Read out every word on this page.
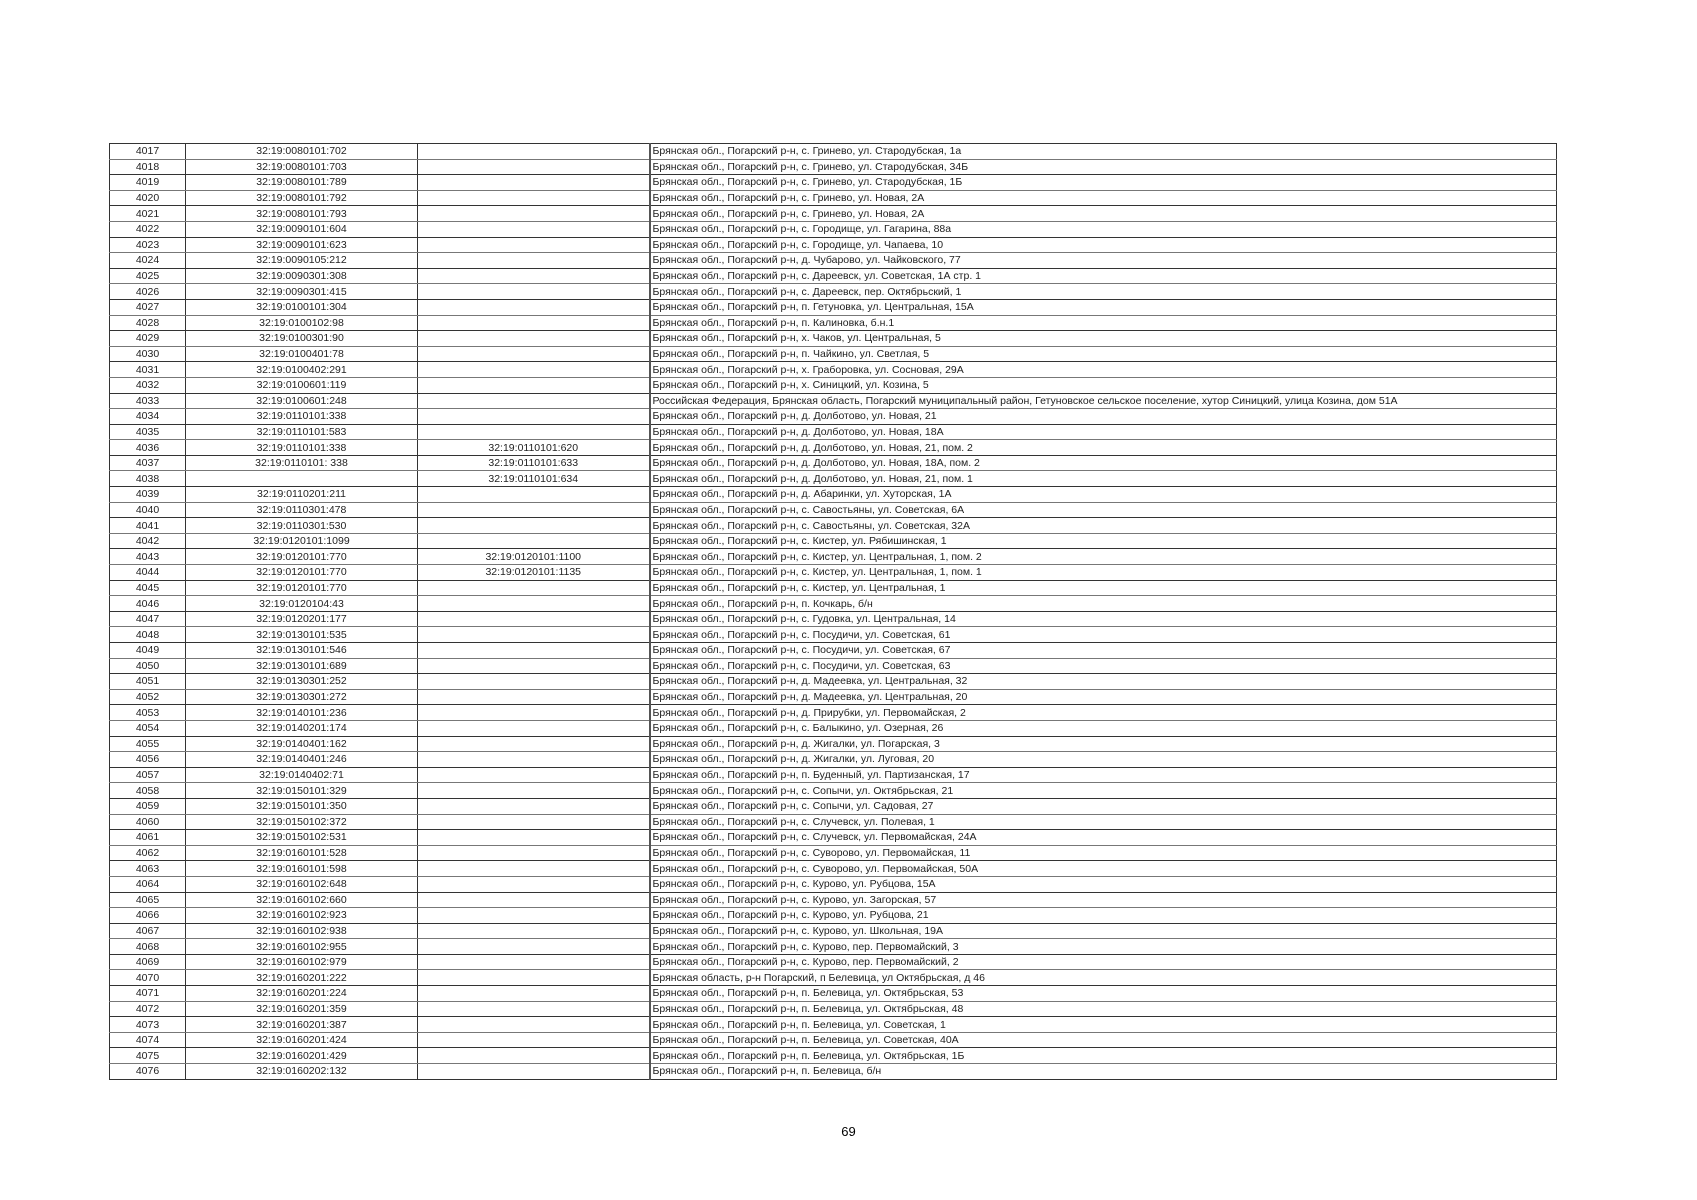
4017	32:19:0080101:702		Брянская обл., Погарский р-н, с. Гринево, ул. Стародубская, 1а
4018	32:19:0080101:703		Брянская обл., Погарский р-н, с. Гринево, ул. Стародубская, 34Б
4019	32:19:0080101:789		Брянская обл., Погарский р-н, с. Гринево, ул. Стародубская, 1Б
4020	32:19:0080101:792		Брянская обл., Погарский р-н, с. Гринево, ул. Новая, 2А
4021	32:19:0080101:793		Брянская обл., Погарский р-н, с. Гринево, ул. Новая, 2А
4022	32:19:0090101:604		Брянская обл., Погарский р-н, с. Городище, ул. Гагарина, 88а
4023	32:19:0090101:623		Брянская обл., Погарский р-н, с. Городище, ул. Чапаева, 10
4024	32:19:0090105:212		Брянская обл., Погарский р-н, д. Чубарово, ул. Чайковского, 77
4025	32:19:0090301:308		Брянская обл., Погарский р-н, с. Дареевск, ул. Советская, 1А стр. 1
4026	32:19:0090301:415		Брянская обл., Погарский р-н, с. Дареевск, пер. Октябрьский, 1
4027	32:19:0100101:304		Брянская обл., Погарский р-н, п. Гетуновка, ул. Центральная, 15А
4028	32:19:0100102:98		Брянская обл., Погарский р-н, п. Калиновка, б.н.1
4029	32:19:0100301:90		Брянская обл., Погарский р-н, х. Чаков, ул. Центральная, 5
4030	32:19:0100401:78		Брянская обл., Погарский р-н, п. Чайкино, ул. Светлая, 5
4031	32:19:0100402:291		Брянская обл., Погарский р-н, х. Граборовка, ул. Сосновая, 29А
4032	32:19:0100601:119		Брянская обл., Погарский р-н, х. Синицкий, ул. Козина, 5
4033	32:19:0100601:248		Российская Федерация, Брянская область, Погарский муниципальный район, Гетуновское сельское поселение, хутор Синицкий, улица Козина, дом 51А
4034	32:19:0110101:338		Брянская обл., Погарский р-н, д. Долботово, ул. Новая, 21
4035	32:19:0110101:583		Брянская обл., Погарский р-н, д. Долботово, ул. Новая, 18А
4036	32:19:0110101:338	32:19:0110101:620	Брянская обл., Погарский р-н, д. Долботово, ул. Новая, 21, пом. 2
4037	32:19:0110101: 338	32:19:0110101:633	Брянская обл., Погарский р-н, д. Долботово, ул. Новая, 18А, пом. 2
4038		32:19:0110101:634	Брянская обл., Погарский р-н, д. Долботово, ул. Новая, 21, пом. 1
4039	32:19:0110201:211		Брянская обл., Погарский р-н, д. Абаринки, ул. Хуторская, 1А
4040	32:19:0110301:478		Брянская обл., Погарский р-н, с. Савостьяны, ул. Советская, 6А
4041	32:19:0110301:530		Брянская обл., Погарский р-н, с. Савостьяны, ул. Советская, 32А
4042	32:19:0120101:1099		Брянская обл., Погарский р-н, с. Кистер, ул. Рябишинская, 1
4043	32:19:0120101:770	32:19:0120101:1100	Брянская обл., Погарский р-н, с. Кистер, ул. Центральная, 1, пом. 2
4044	32:19:0120101:770	32:19:0120101:1135	Брянская обл., Погарский р-н, с. Кистер, ул. Центральная, 1, пом. 1
4045	32:19:0120101:770		Брянская обл., Погарский р-н, с. Кистер, ул. Центральная, 1
4046	32:19:0120104:43		Брянская обл., Погарский р-н, п. Кочкарь, б/н
4047	32:19:0120201:177		Брянская обл., Погарский р-н, с. Гудовка, ул. Центральная, 14
4048	32:19:0130101:535		Брянская обл., Погарский р-н, с. Посудичи, ул. Советская, 61
4049	32:19:0130101:546		Брянская обл., Погарский р-н, с. Посудичи, ул. Советская, 67
4050	32:19:0130101:689		Брянская обл., Погарский р-н, с. Посудичи, ул. Советская, 63
4051	32:19:0130301:252		Брянская обл., Погарский р-н, д. Мадеевка, ул. Центральная, 32
4052	32:19:0130301:272		Брянская обл., Погарский р-н, д. Мадеевка, ул. Центральная, 20
4053	32:19:0140101:236		Брянская обл., Погарский р-н, д. Прирубки, ул. Первомайская, 2
4054	32:19:0140201:174		Брянская обл., Погарский р-н, с. Балыкино, ул. Озерная, 26
4055	32:19:0140401:162		Брянская обл., Погарский р-н, д. Жигалки, ул. Погарская, 3
4056	32:19:0140401:246		Брянская обл., Погарский р-н, д. Жигалки, ул. Луговая, 20
4057	32:19:0140402:71		Брянская обл., Погарский р-н, п. Буденный, ул. Партизанская, 17
4058	32:19:0150101:329		Брянская обл., Погарский р-н, с. Сопычи, ул. Октябрьская, 21
4059	32:19:0150101:350		Брянская обл., Погарский р-н, с. Сопычи, ул. Садовая, 27
4060	32:19:0150102:372		Брянская обл., Погарский р-н, с. Случевск, ул. Полевая, 1
4061	32:19:0150102:531		Брянская обл., Погарский р-н, с. Случевск, ул. Первомайская, 24А
4062	32:19:0160101:528		Брянская обл., Погарский р-н, с. Суворово, ул. Первомайская, 11
4063	32:19:0160101:598		Брянская обл., Погарский р-н, с. Суворово, ул. Первомайская, 50А
4064	32:19:0160102:648		Брянская обл., Погарский р-н, с. Курово, ул. Рубцова, 15А
4065	32:19:0160102:660		Брянская обл., Погарский р-н, с. Курово, ул. Загорская, 57
4066	32:19:0160102:923		Брянская обл., Погарский р-н, с. Курово, ул. Рубцова, 21
4067	32:19:0160102:938		Брянская обл., Погарский р-н, с. Курово, ул. Школьная, 19А
4068	32:19:0160102:955		Брянская обл., Погарский р-н, с. Курово, пер. Первомайский, 3
4069	32:19:0160102:979		Брянская обл., Погарский р-н, с. Курово, пер. Первомайский, 2
4070	32:19:0160201:222		Брянская область, р-н Погарский, п Белевица, ул Октябрьская, д 46
4071	32:19:0160201:224		Брянская обл., Погарский р-н, п. Белевица, ул. Октябрьская, 53
4072	32:19:0160201:359		Брянская обл., Погарский р-н, п. Белевица, ул. Октябрьская, 48
4073	32:19:0160201:387		Брянская обл., Погарский р-н, п. Белевица, ул. Советская, 1
4074	32:19:0160201:424		Брянская обл., Погарский р-н, п. Белевица, ул. Советская, 40А
4075	32:19:0160201:429		Брянская обл., Погарский р-н, п. Белевица, ул. Октябрьская, 1Б
4076	32:19:0160202:132		Брянская обл., Погарский р-н, п. Белевица, б/н
69
